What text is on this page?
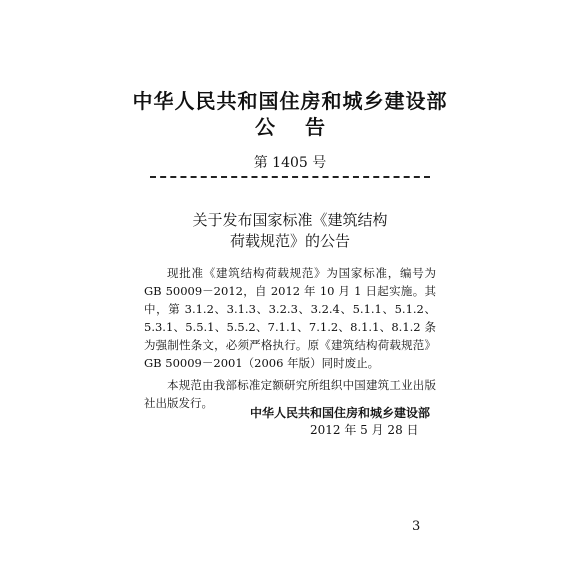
中华人民共和国住房和城乡建设部
公告
第 1405 号
关于发布国家标准《建筑结构
荷载规范》的公告

现批准《建筑结构荷载规范》为国家标准，编号为 GB 50009－2012，自 2012 年 10 月 1 日起实施。其中，第 3.1.2、3.1.3、3.2.3、3.2.4、5.1.1、5.1.2、5.3.1、5.5.1、5.5.2、7.1.1、7.1.2、8.1.1、8.1.2 条为强制性条文，必须严格执行。原《建筑结构荷载规范》GB 50009－2001（2006 年版）同时废止。

本规范由我部标准定额研究所组织中国建筑工业出版社出版发行。

中华人民共和国住房和城乡建设部
2012 年 5 月 28 日
3
